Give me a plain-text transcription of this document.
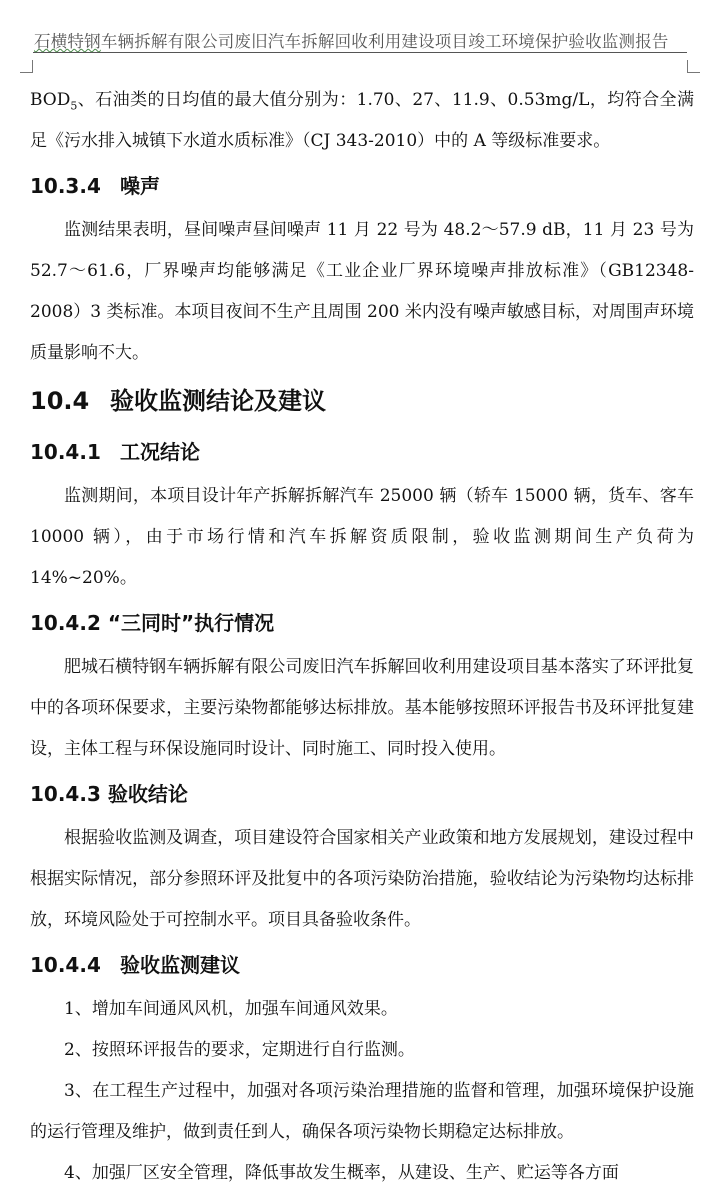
石横特钢车辆拆解有限公司废旧汽车拆解回收利用建设项目竣工环境保护验收监测报告

$BOD_5$、石油类的日均值的最大值分别为：1.70、27、11.9、0.53mg/L，均符合全满足《污水排入城镇下水道水质标准》（CJ 343-2010）中的 A 等级标准要求。

10.3.4 噪声

监测结果表明，昼间噪声昼间噪声 11 月 22 号为 48.2～57.9 dB，11 月 23 号为 52.7～61.6，厂界噪声均能够满足《工业企业厂界环境噪声排放标准》（GB12348-2008）3 类标准。本项目夜间不生产且周围 200 米内没有噪声敏感目标，对周围声环境质量影响不大。

10.4 验收监测结论及建议
10.4.1 工况结论

监测期间，本项目设计年产拆解拆解汽车 25000 辆（轿车 15000 辆，货车、客车 10000 辆），由于市场行情和汽车拆解资质限制，验收监测期间生产负荷为 14%~20%。

10.4.2 “三同时”执行情况

肥城石横特钢车辆拆解有限公司废旧汽车拆解回收利用建设项目基本落实了环评批复中的各项环保要求，主要污染物都能够达标排放。基本能够按照环评报告书及环评批复建设，主体工程与环保设施同时设计、同时施工、同时投入使用。

10.4.3 验收结论

根据验收监测及调查，项目建设符合国家相关产业政策和地方发展规划，建设过程中根据实际情况，部分参照环评及批复中的各项污染防治措施，验收结论为污染物均达标排放，环境风险处于可控制水平。项目具备验收条件。

10.4.4 验收监测建议

1、增加车间通风风机，加强车间通风效果。

2、按照环评报告的要求，定期进行自行监测。

3、在工程生产过程中，加强对各项污染治理措施的监督和管理，加强环境保护设施的运行管理及维护，做到责任到人，确保各项污染物长期稳定达标排放。

4、加强厂区安全管理，降低事故发生概率，从建设、生产、贮运等各方面
